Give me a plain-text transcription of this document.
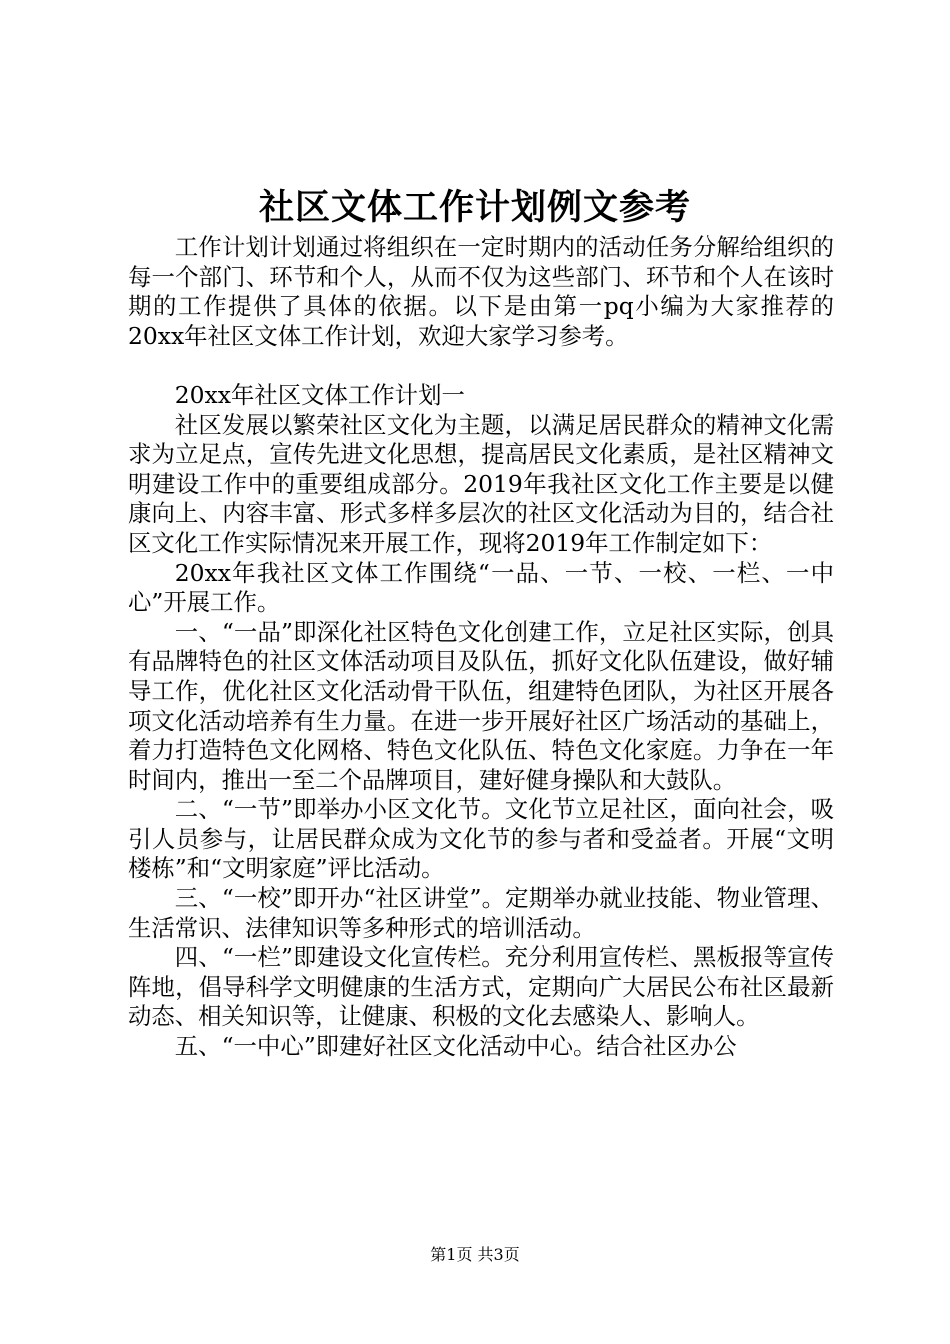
社区文体工作计划例文参考

工作计划计划通过将组织在一定时期内的活动任务分解给组织的每一个部门、环节和个人，从而不仅为这些部门、环节和个人在该时期的工作提供了具体的依据。以下是由第一pq小编为大家推荐的20xx年社区文体工作计划，欢迎大家学习参考。

20xx年社区文体工作计划一

社区发展以繁荣社区文化为主题，以满足居民群众的精神文化需求为立足点，宣传先进文化思想，提高居民文化素质，是社区精神文明建设工作中的重要组成部分。2019年我社区文化工作主要是以健康向上、内容丰富、形式多样多层次的社区文化活动为目的，结合社区文化工作实际情况来开展工作，现将2019年工作制定如下：

20xx年我社区文体工作围绕“一品、一节、一校、一栏、一中心”开展工作。

一、“一品”即深化社区特色文化创建工作，立足社区实际，创具有品牌特色的社区文体活动项目及队伍，抓好文化队伍建设，做好辅导工作，优化社区文化活动骨干队伍，组建特色团队，为社区开展各项文化活动培养有生力量。在进一步开展好社区广场活动的基础上，着力打造特色文化网格、特色文化队伍、特色文化家庭。力争在一年时间内，推出一至二个品牌项目，建好健身操队和大鼓队。

二、“一节”即举办小区文化节。文化节立足社区，面向社会，吸引人员参与，让居民群众成为文化节的参与者和受益者。开展“文明楼栋”和“文明家庭”评比活动。

三、“一校”即开办“社区讲堂”。定期举办就业技能、物业管理、生活常识、法律知识等多种形式的培训活动。

四、“一栏”即建设文化宣传栏。充分利用宣传栏、黑板报等宣传阵地，倡导科学文明健康的生活方式，定期向广大居民公布社区最新动态、相关知识等，让健康、积极的文化去感染人、影响人。

五、“一中心”即建好社区文化活动中心。结合社区办公

第1页 共3页
